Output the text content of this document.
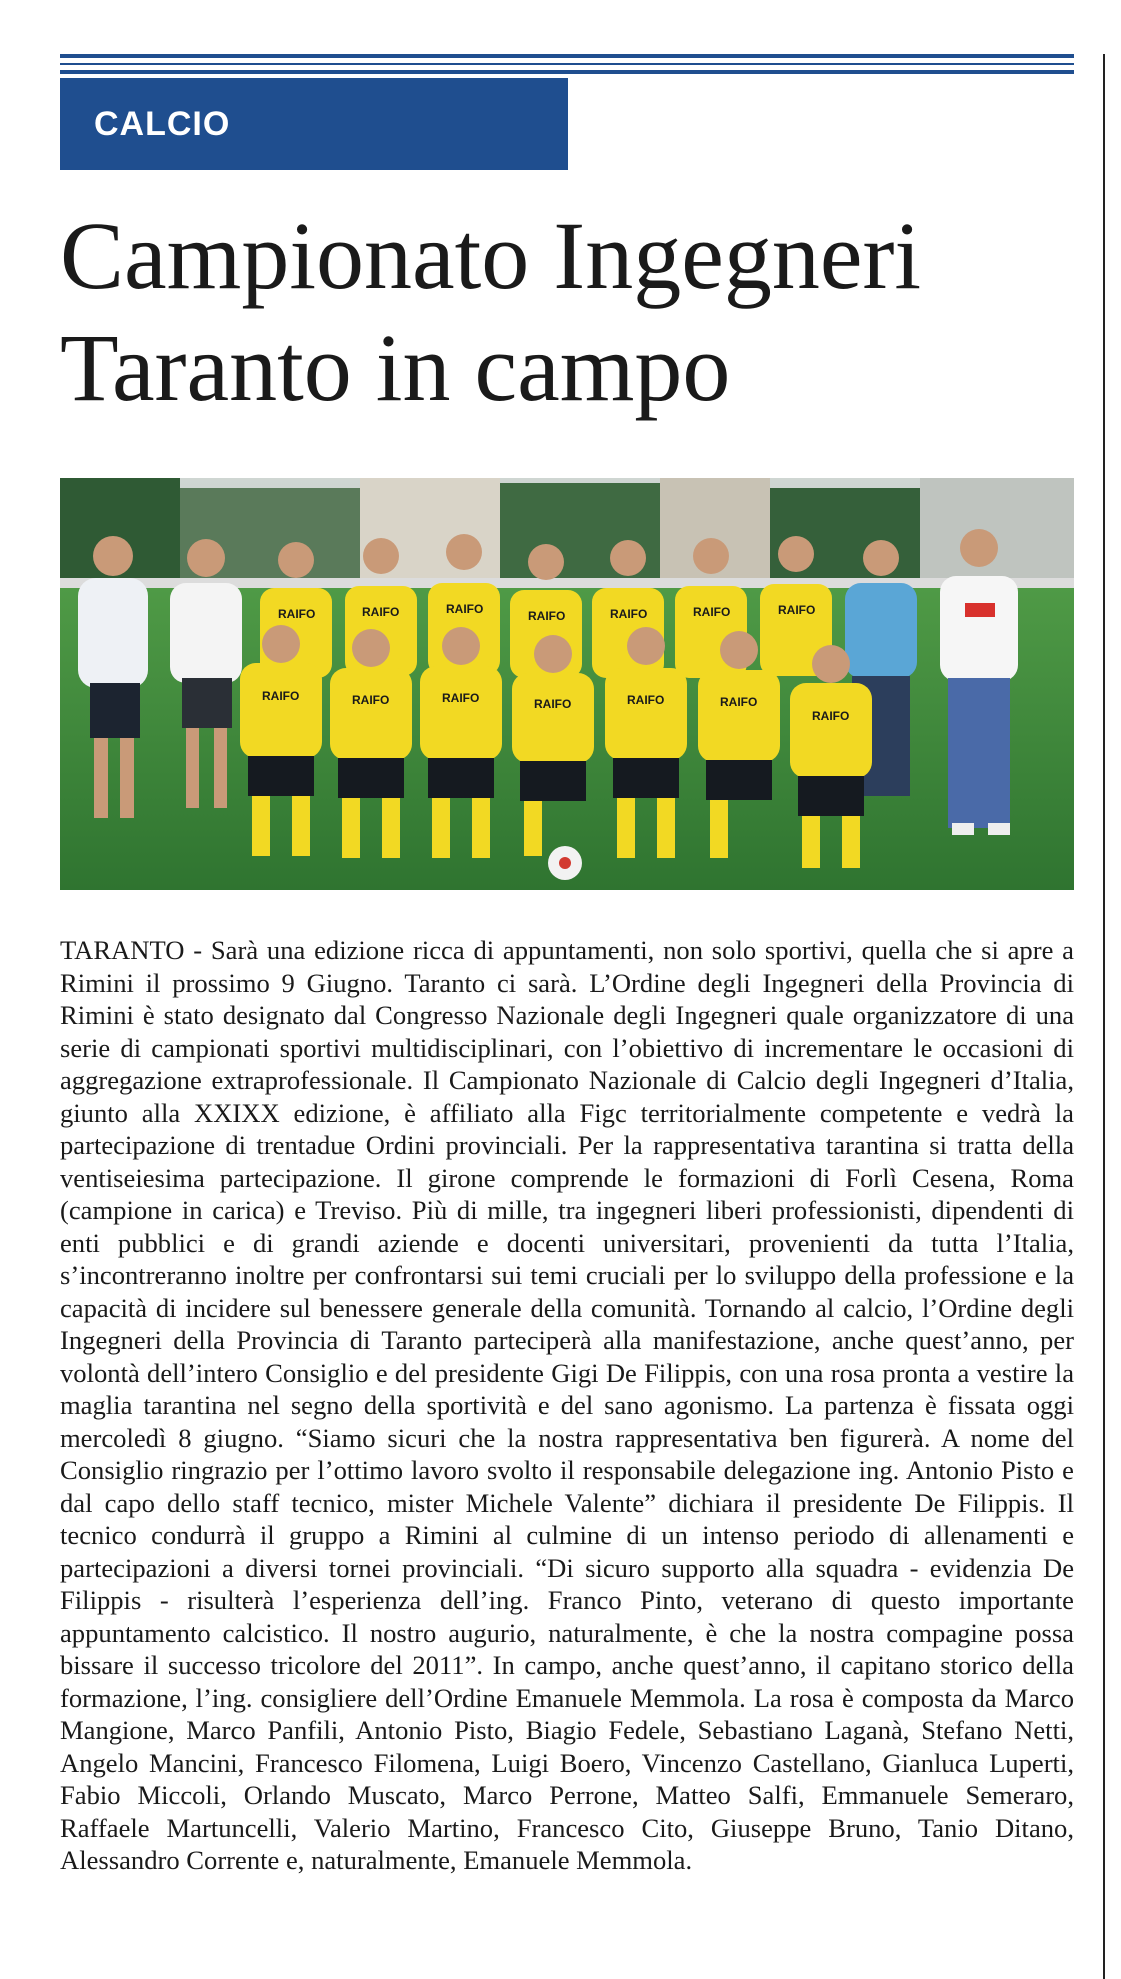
CALCIO
Campionato Ingegneri
Taranto in campo
RAIFO	RAIFO	RAIFO	RAIFO	RAIFO	RAIFO	RAIFO
RAIFO	RAIFO	RAIFO	RAIFO	RAIFO	RAIFO
RAIFO

TARANTO - Sarà una edizione ricca di appuntamenti, non solo sportivi, quella che si apre a Rimini il prossimo 9 Giugno. Taranto ci sarà. L’Ordine degli Ingegneri della Provincia di Rimini è stato designato dal Congresso Nazionale degli Ingegneri quale organizzatore di una serie di campionati sportivi multidisciplinari, con l’obiettivo di incrementare le occasioni di aggregazione extraprofessionale. Il Campionato Nazionale di Calcio degli Ingegneri d’Italia, giunto alla XXIXX edizione, è affiliato alla Figc territorialmente competente e vedrà la partecipazione di trentadue Ordini provinciali. Per la rappresentativa tarantina si tratta della ventiseiesima partecipazione. Il girone comprende le formazioni di Forlì Cesena, Roma (campione in carica) e Treviso. Più di mille, tra ingegneri liberi professionisti, dipendenti di enti pubblici e di grandi aziende e docenti universitari, provenienti da tutta l’Italia, s’incontreranno inoltre per confrontarsi sui temi cruciali per lo sviluppo della professione e la capacità di incidere sul benessere generale della comunità. Tornando al calcio, l’Ordine degli Ingegneri della Provincia di Taranto parteciperà alla manifestazione, anche quest’anno, per volontà dell’intero Consiglio e del presidente Gigi De Filippis, con una rosa pronta a vestire la maglia tarantina nel segno della sportività e del sano agonismo. La partenza è fissata oggi mercoledì 8 giugno. “Siamo sicuri che la nostra rappresentativa ben figurerà. A nome del Consiglio ringrazio per l’ottimo lavoro svolto il responsabile delegazione ing. Antonio Pisto e dal capo dello staff tecnico, mister Michele Valente” dichiara il presidente De Filippis. Il tecnico condurrà il gruppo a Rimini al culmine di un intenso periodo di allenamenti e partecipazioni a diversi tornei provinciali. “Di sicuro supporto alla squadra - evidenzia De Filippis - risulterà l’esperienza dell’ing. Franco Pinto, veterano di questo importante appuntamento calcistico. Il nostro augurio, naturalmente, è che la nostra compagine possa bissare il successo tricolore del 2011”. In campo, anche quest’anno, il capitano storico della formazione, l’ing. consigliere dell’Ordine Emanuele Memmola. La rosa è composta da Marco Mangione, Marco Panfili, Antonio Pisto, Biagio Fedele, Sebastiano Laganà, Stefano Netti, Angelo Mancini, Francesco Filomena, Luigi Boero, Vincenzo Castellano, Gianluca Luperti, Fabio Miccoli, Orlando Muscato, Marco Perrone, Matteo Salfi, Emmanuele Semeraro, Raffaele Martuncelli, Valerio Martino, Francesco Cito, Giuseppe Bruno, Tanio Ditano, Alessandro Corrente e, naturalmente, Emanuele Memmola.
